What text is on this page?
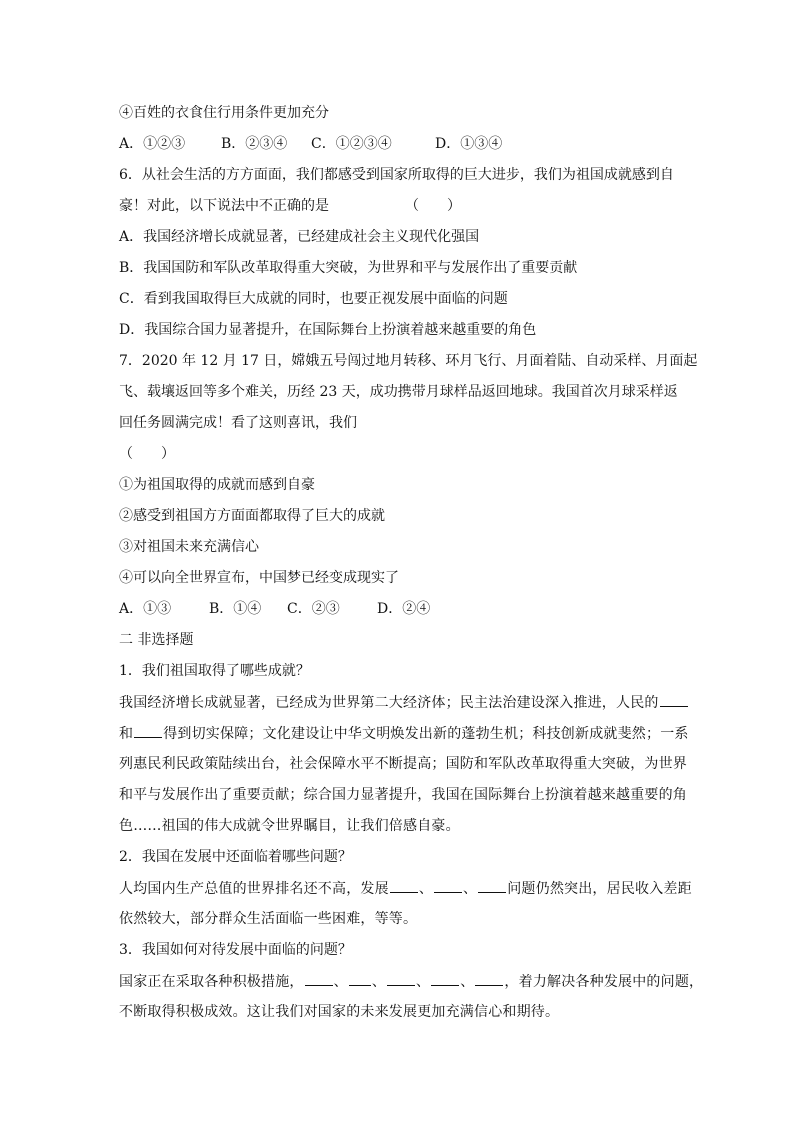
④百姓的衣食住行用条件更加充分
A．①②③	B．②③④ C．①②③④	D．①③④
6．从社会生活的方方面面，我们都感受到国家所取得的巨大进步，我们为祖国成就感到自
豪！对此，以下说法中不正确的是	（　　）
A．我国经济增长成就显著，已经建成社会主义现代化强国
B．我国国防和军队改革取得重大突破，为世界和平与发展作出了重要贡献
C．看到我国取得巨大成就的同时，也要正视发展中面临的问题
D．我国综合国力显著提升，在国际舞台上扮演着越来越重要的角色
7．2020 年 12 月 17 日，嫦娥五号闯过地月转移、环月飞行、月面着陆、自动采样、月面起
飞、载壤返回等多个难关，历经 23 天，成功携带月球样品返回地球。我国首次月球采样返
回任务圆满完成！看了这则喜讯，我们
（　　）
①为祖国取得的成就而感到自豪
②感受到祖国方方面面都取得了巨大的成就
③对祖国未来充满信心
④可以向全世界宣布，中国梦已经变成现实了
A．①③	B．①④ C．②③	D．②④
二 非选择题
1．我们祖国取得了哪些成就？
我国经济增长成就显著，已经成为世界第二大经济体；民主法治建设深入推进，人民的
和 得到切实保障；文化建设让中华文明焕发出新的蓬勃生机；科技创新成就斐然；一系
列惠民利民政策陆续出台，社会保障水平不断提高；国防和军队改革取得重大突破，为世界
和平与发展作出了重要贡献；综合国力显著提升，我国在国际舞台上扮演着越来越重要的角
色……祖国的伟大成就令世界瞩目，让我们倍感自豪。
2．我国在发展中还面临着哪些问题？
人均国内生产总值的世界排名还不高，发展 、 、 问题仍然突出，居民收入差距
依然较大，部分群众生活面临一些困难，等等。
3．我国如何对待发展中面临的问题？
国家正在采取各种积极措施， 、 、 、 、 ，着力解决各种发展中的问题，
不断取得积极成效。这让我们对国家的未来发展更加充满信心和期待。
